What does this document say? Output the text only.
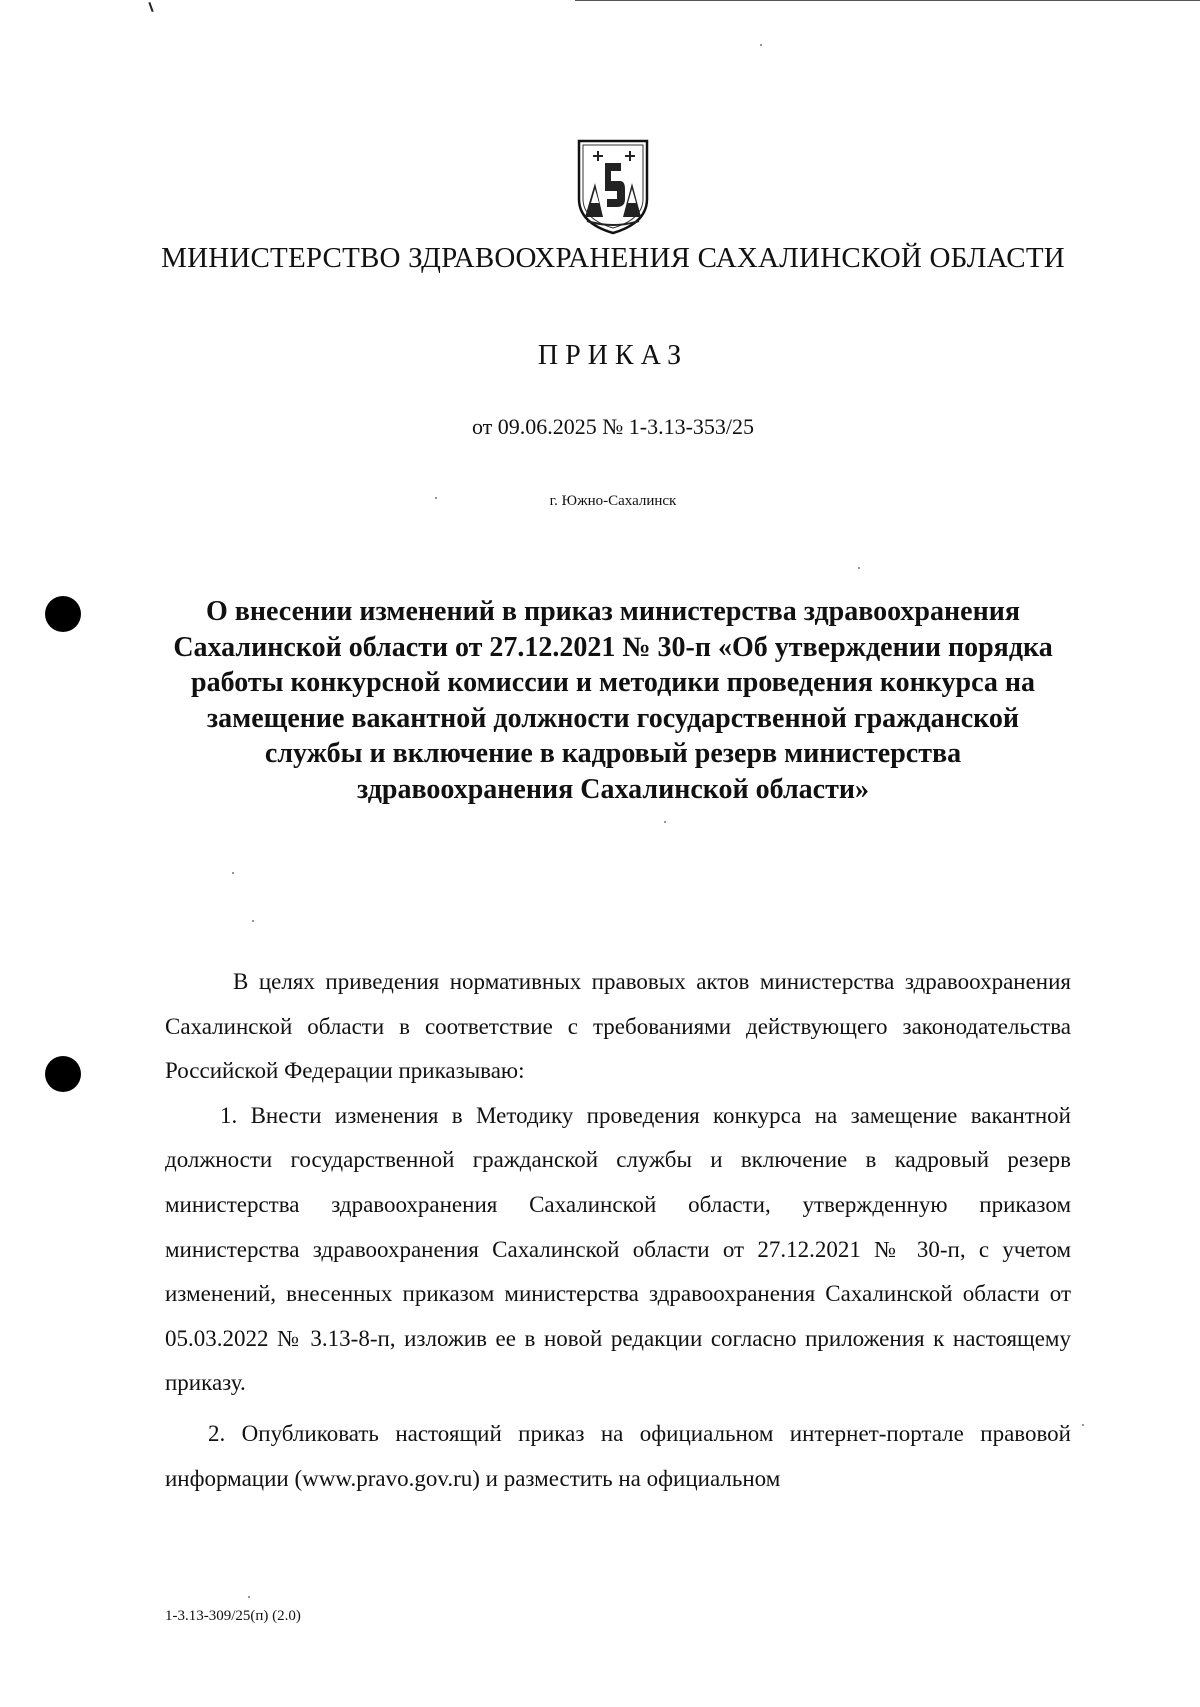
МИНИСТЕРСТВО ЗДРАВООХРАНЕНИЯ САХАЛИНСКОЙ ОБЛАСТИ
ПРИКАЗ
от 09.06.2025 № 1-3.13-353/25
г. Южно-Сахалинск
О внесении изменений в приказ министерства здравоохранения Сахалинской области от 27.12.2021 № 30-п «Об утверждении порядка работы конкурсной комиссии и методики проведения конкурса на замещение вакантной должности государственной гражданской службы и включение в кадровый резерв министерства здравоохранения Сахалинской области»

В целях приведения нормативных правовых актов министерства здравоохранения Сахалинской области в соответствие с требованиями действующего законодательства Российской Федерации приказываю:

1. Внести изменения в Методику проведения конкурса на замещение вакантной должности государственной гражданской службы и включение в кадровый резерв министерства здравоохранения Сахалинской области, утвержденную приказом министерства здравоохранения Сахалинской области от 27.12.2021 № 30-п, с учетом изменений, внесенных приказом министерства здравоохранения Сахалинской области от 05.03.2022 № 3.13-8-п, изложив ее в новой редакции согласно приложения к настоящему приказу.

2. Опубликовать настоящий приказ на официальном интернет-портале правовой информации (www.pravo.gov.ru) и разместить на официальном

1-3.13-309/25(п) (2.0)
